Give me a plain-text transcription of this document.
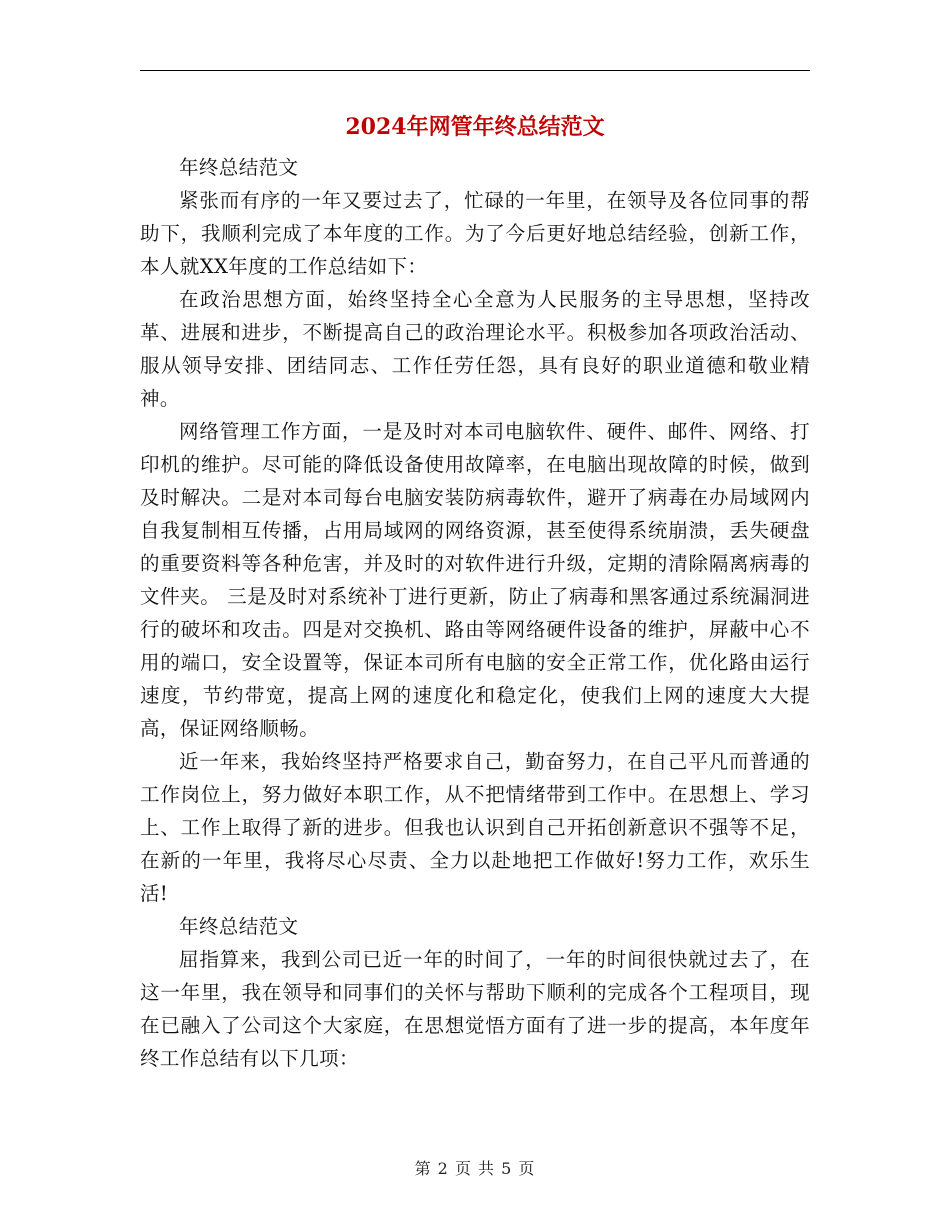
2024年网管年终总结范文

年终总结范文

紧张而有序的一年又要过去了，忙碌的一年里，在领导及各位同事的帮助下，我顺利完成了本年度的工作。为了今后更好地总结经验，创新工作，本人就XX年度的工作总结如下：

在政治思想方面，始终坚持全心全意为人民服务的主导思想，坚持改革、进展和进步，不断提高自己的政治理论水平。积极参加各项政治活动、服从领导安排、团结同志、工作任劳任怨，具有良好的职业道德和敬业精神。

网络管理工作方面，一是及时对本司电脑软件、硬件、邮件、网络、打印机的维护。尽可能的降低设备使用故障率，在电脑出现故障的时候，做到及时解决。二是对本司每台电脑安装防病毒软件，避开了病毒在办局域网内自我复制相互传播，占用局域网的网络资源，甚至使得系统崩溃，丢失硬盘的重要资料等各种危害，并及时的对软件进行升级，定期的清除隔离病毒的文件夹。 三是及时对系统补丁进行更新，防止了病毒和黑客通过系统漏洞进行的破坏和攻击。四是对交换机、路由等网络硬件设备的维护，屏蔽中心不用的端口，安全设置等，保证本司所有电脑的安全正常工作，优化路由运行速度，节约带宽，提高上网的速度化和稳定化，使我们上网的速度大大提高，保证网络顺畅。

近一年来，我始终坚持严格要求自己，勤奋努力，在自己平凡而普通的工作岗位上，努力做好本职工作，从不把情绪带到工作中。在思想上、学习上、工作上取得了新的进步。但我也认识到自己开拓创新意识不强等不足，在新的一年里，我将尽心尽责、全力以赴地把工作做好!努力工作，欢乐生活!

年终总结范文

屈指算来，我到公司已近一年的时间了，一年的时间很快就过去了，在这一年里，我在领导和同事们的关怀与帮助下顺利的完成各个工程项目，现在已融入了公司这个大家庭，在思想觉悟方面有了进一步的提高，本年度年终工作总结有以下几项：

第 2 页 共 5 页
